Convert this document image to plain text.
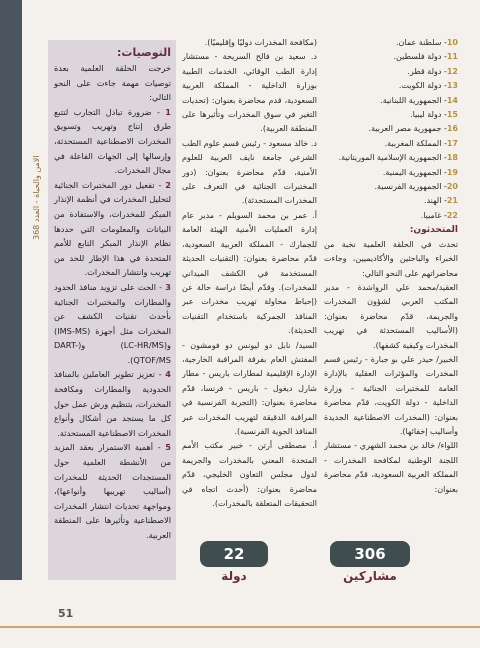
الامن والحياة - العدد 368

التوصيات:

خرجت الحلقة العلمية بعدة توصيات مهمة جاءت على النحو التالي:

1 - ضرورة تبادل التجارب لتتبع طرق إنتاج وتهريب وتسويق المخدرات الاصطناعية المستحدثة، وإرسالها إلى الجهات الفاعلة في مجال المخدرات.

2 - تفعيل دور المختبرات الجنائية لتحليل المخدرات في أنظمة الإنذار المبكر للمخدرات، والاستفادة من البيانات والمعلومات التي حددها نظام الإنذار المبكر التابع للأمم المتحدة في هذا الإطار للحد من تهريب وانتشار المخدرات.

3 - الحث على تزويد منافذ الحدود والمطارات والمختبرات الجنائية بأحدث تقنيات الكشف عن المخدرات مثل أجهزة (IMS-MS) و(LC-HR/MS) و(DART-QTOF/MS).

4 - تعزيز تطوير العاملين بالمنافذ الحدودية والمطارات ومكافحة المخدرات، بتنظيم ورش عمل حول كل ما يستجد من أشكال وأنواع المخدرات الاصطناعية المستحدثة.

5 - أهمية الاستمرار بعقد المزيد من الأنشطة العلمية حول المستجدات الحديثة للمخدرات (أساليب تهريبها وأنواعها)، ومواجهة تحديات انتشار المخدرات الاصطناعية وتأثيرها على المنطقة العربية.

(مكافحة المخدرات دوليًا وإقليميًا).

د. سعيد بن فالح السريحة - مستشار إدارة الطب الوقائي، الخدمات الطبية بوزارة الداخلية - المملكة العربية السعودية، قدم محاضرة بعنوان: (تحديات التغير في سوق المخدرات وتأثيرها على المنطقة العربية).

د. خالد مسعود - رئيس قسم علوم الطب الشرعي جامعة نايف العربية للعلوم الأمنية، قدّم محاضرة بعنوان: (دور المختبرات الجنائية في التعرف على المخدرات المستحدثة).

أ. عمر بن محمد السويلم - مدير عام إدارة العمليات الأمنية الهيئة العامة للجمارك - المملكة العربية السعودية، قدّم محاضرة بعنوان: (التقنيات الحديثة المستخدمة في الكشف الميداني للمخدرات). وقدّم أيضًا دراسة حالة عن (إحباط محاولة تهريب مخدرات عبر المنافذ الجمركية باستخدام التقنيات الحديثة).

السيد/ نابل دو ليونس دو فومشون - المفتش العام بفرقة المراقبة الخارجية، الإدارة الإقليمية لمطارات باريس - مطار شارل ديغول - باريس - فرنسا، قدّم محاضرة بعنوان: (التجربة الفرنسية في المراقبة الدقيقة لتهريب المخدرات عبر المنافذ الجوية الفرنسية).

أ. مصطفى أرتن - خبير مكتب الأمم المتحدة المعني بالمخدرات والجريمة لدول مجلس التعاون الخليجي، قدّم محاضرة بعنوان: (أحدث اتجاه في التحقيقات المتعلقة بالمخدرات).

10- سلطنة عمان.

11- دولة فلسطين.

12- دولة قطر.

13- دولة الكويت.

14- الجمهورية اللبنانية.

15- دولة ليبيا.

16- جمهورية مصر العربية.

17- المملكة المغربية.

18- الجمهورية الإسلامية الموريتانية.

19- الجمهورية اليمنية.

20- الجمهورية الفرنسية.

21- الهند.

22- غامبيا.

المتحدثون:

تحدث في الحلقة العلمية نخبة من الخبراء والباحثين والأكاديميين، وجاءت محاضراتهم على النحو التالي:

العقيد/محمد علي الرواشدة - مدير المكتب العربي لشؤون المخدرات والجريمة، قدّم محاضرة بعنوان: (الأساليب المستحدثة في تهريب المخدرات وكيفية كشفها).

الخبير/ حيدر علي بو جبارة - رئيس قسم المخدرات والمؤثرات العقلية بالإدارة العامة للمختبرات الجنائية - وزارة الداخلية - دولة الكويت، قدّم محاضرة بعنوان: (المخدرات الاصطناعية الجديدة وأساليب إخفائها).

اللواء/ خالد بن محمد الشهري - مستشار اللجنة الوطنية لمكافحة المخدرات - المملكة العربية السعودية، قدّم محاضرة بعنوان:

22
دولة
306
مشاركين
51
